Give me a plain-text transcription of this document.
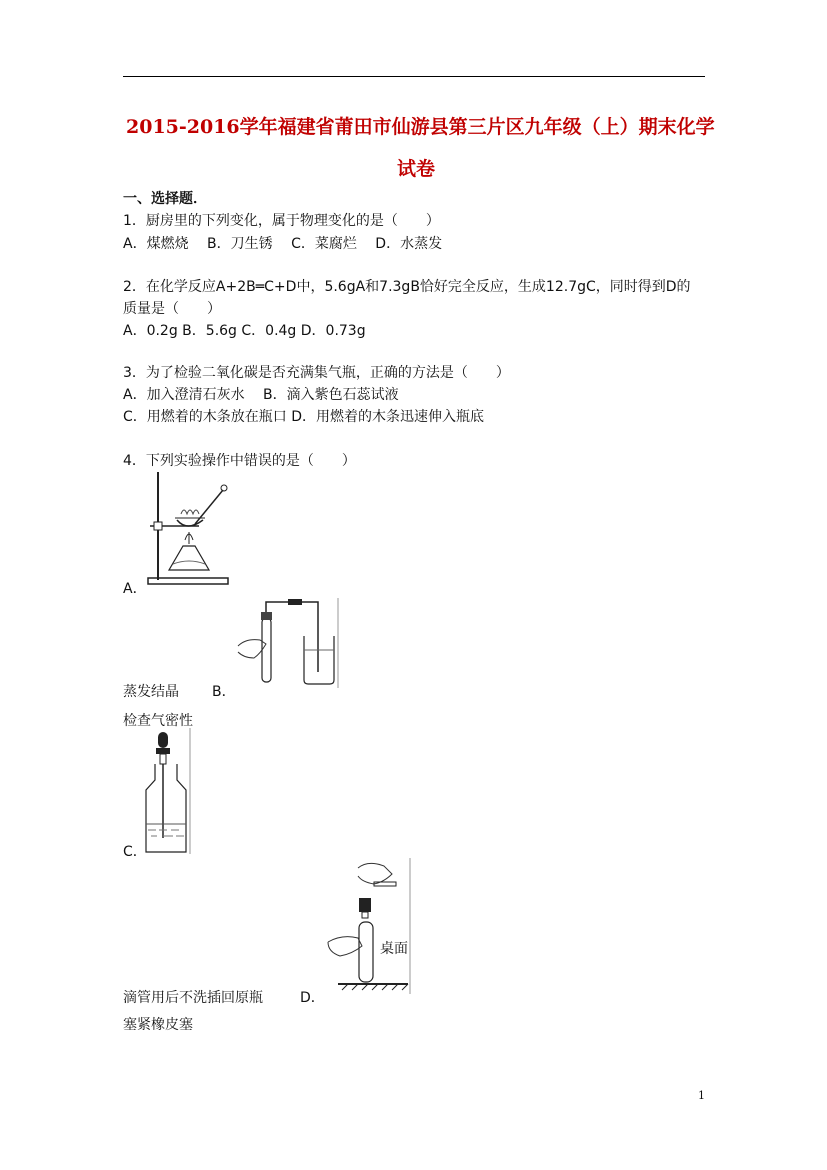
2015-2016学年福建省莆田市仙游县第三片区九年级（上）期末化学
试卷
一、选择题．
1．厨房里的下列变化，属于物理变化的是（　　）
A．煤燃烧　 B．刀生锈　 C．菜腐烂　 D．水蒸发
2．在化学反应A+2B═C+D中，5.6gA和7.3gB恰好完全反应，生成12.7gC，同时得到D的
质量是（　　）
A．0.2g B．5.6g C．0.4g D．0.73g
3．为了检验二氧化碳是否充满集气瓶，正确的方法是（　　）
A．加入澄清石灰水　 B．滴入紫色石蕊试液
C．用燃着的木条放在瓶口 D．用燃着的木条迅速伸入瓶底
4．下列实验操作中错误的是（　　）
A．
蒸发结晶 B．
检查气密性
C．
桌面
滴管用后不洗插回原瓶	D．
塞紧橡皮塞
1
